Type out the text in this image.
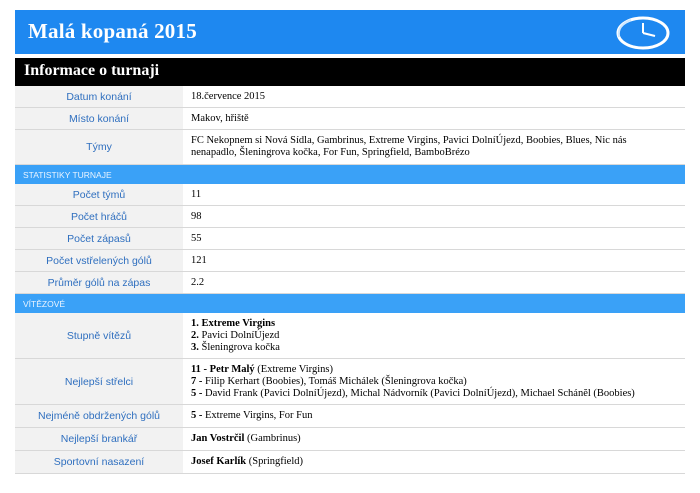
Malá kopaná 2015
Informace o turnaji
Datum konání	18.července 2015
Místo konání	Makov, hřiště
Týmy
FC Nekopnem si Nová Sídla, Gambrinus, Extreme Virgins, Pavici DolníÚjezd, Boobies, Blues, Nic nás
nenapadlo, Šleningrova kočka, For Fun, Springfield, BamboBrézo
STATISTIKY TURNAJE
Počet týmů	11
Počet hráčů	98
Počet zápasů	55
Počet vstřelených gólů	121
Průměr gólů na zápas	2.2
VÍTĚZOVÉ
Stupně vítězů
1. Extreme Virgins
2. Pavici DolníÚjezd
3. Šleningrova kočka
Nejlepší střelci
11 - Petr Malý (Extreme Virgins)
7 - Filip Kerhart (Boobies), Tomáš Michálek (Šleningrova kočka)
5 - David Frank (Pavici DolníÚjezd), Michal Nádvorník (Pavici DolníÚjezd), Michael Schánĕl (Boobies)
Nejméně obdržených gólů	5 - Extreme Virgins, For Fun
Nejlepší brankář	Jan Vostrčil (Gambrinus)
Sportovní nasazení	Josef Karlík (Springfield)
